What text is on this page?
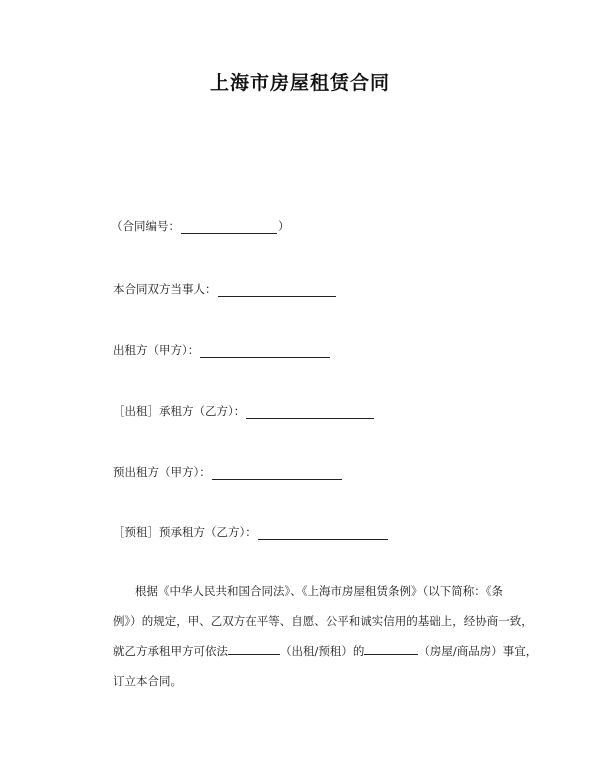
上海市房屋租赁合同
（合同编号：	）
本合同双方当事人：
出租方（甲方）：
［出租］承租方（乙方）：
预出租方（甲方）：
［预租］预承租方（乙方）：
根据《中华人民共和国合同法》、《上海市房屋租赁条例》（以下简称：《条
例》）的规定，甲、乙双方在平等、自愿、公平和诚实信用的基础上，经协商一致，
就乙方承租甲方可依法	（出租/预租）的	（房屋/商品房）事宜，
订立本合同。
